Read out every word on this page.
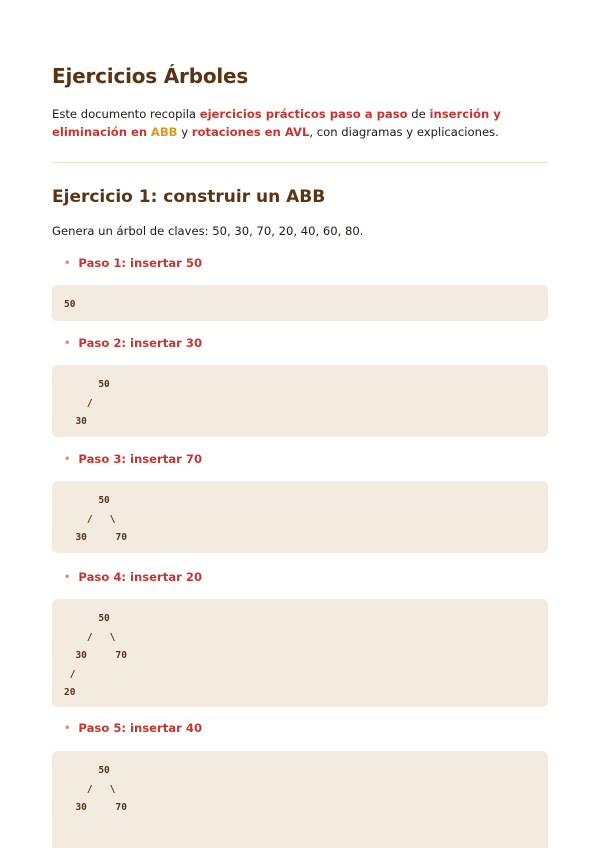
Ejercicios Árboles

Este documento recopila ejercicios prácticos paso a paso de inserción y eliminación en ABB y rotaciones en AVL, con diagramas y explicaciones.

Ejercicio 1: construir un ABB

Genera un árbol de claves: 50, 30, 70, 20, 40, 60, 80.

• Paso 1: insertar 50

50

• Paso 2: insertar 30

50
/
30

• Paso 3: insertar 70

50
/   \
30     70

• Paso 4: insertar 20

50
/   \
30     70
/
20

• Paso 5: insertar 40

50
/   \
30     70
